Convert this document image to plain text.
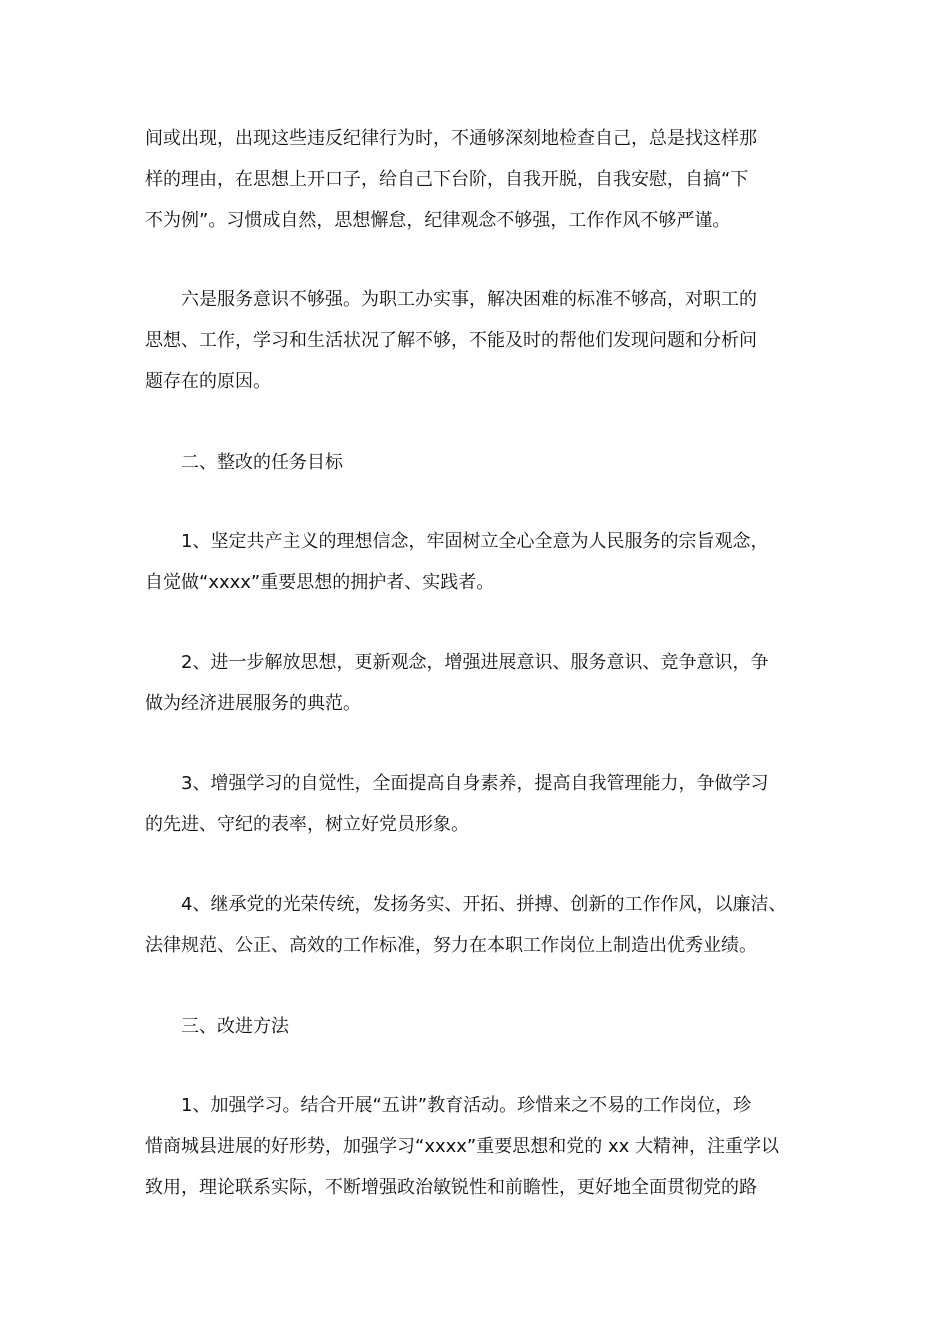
间或出现，出现这些违反纪律行为时，不通够深刻地检查自己，总是找这样那
样的理由，在思想上开口子，给自己下台阶，自我开脱，自我安慰，自搞“下
不为例”。习惯成自然，思想懈怠，纪律观念不够强，工作作风不够严谨。
六是服务意识不够强。为职工办实事，解决困难的标准不够高，对职工的
思想、工作，学习和生活状况了解不够，不能及时的帮他们发现问题和分析问
题存在的原因。
二、整改的任务目标
1、坚定共产主义的理想信念，牢固树立全心全意为人民服务的宗旨观念，
自觉做“xxxx”重要思想的拥护者、实践者。
2、进一步解放思想，更新观念，增强进展意识、服务意识、竞争意识，争
做为经济进展服务的典范。
3、增强学习的自觉性，全面提高自身素养，提高自我管理能力，争做学习
的先进、守纪的表率，树立好党员形象。
4、继承党的光荣传统，发扬务实、开拓、拼搏、创新的工作作风，以廉洁、
法律规范、公正、高效的工作标准，努力在本职工作岗位上制造出优秀业绩。
三、改进方法
1、加强学习。结合开展“五讲”教育活动。珍惜来之不易的工作岗位，珍
惜商城县进展的好形势，加强学习“xxxx”重要思想和党的 xx 大精神，注重学以
致用，理论联系实际，不断增强政治敏锐性和前瞻性，更好地全面贯彻党的路
